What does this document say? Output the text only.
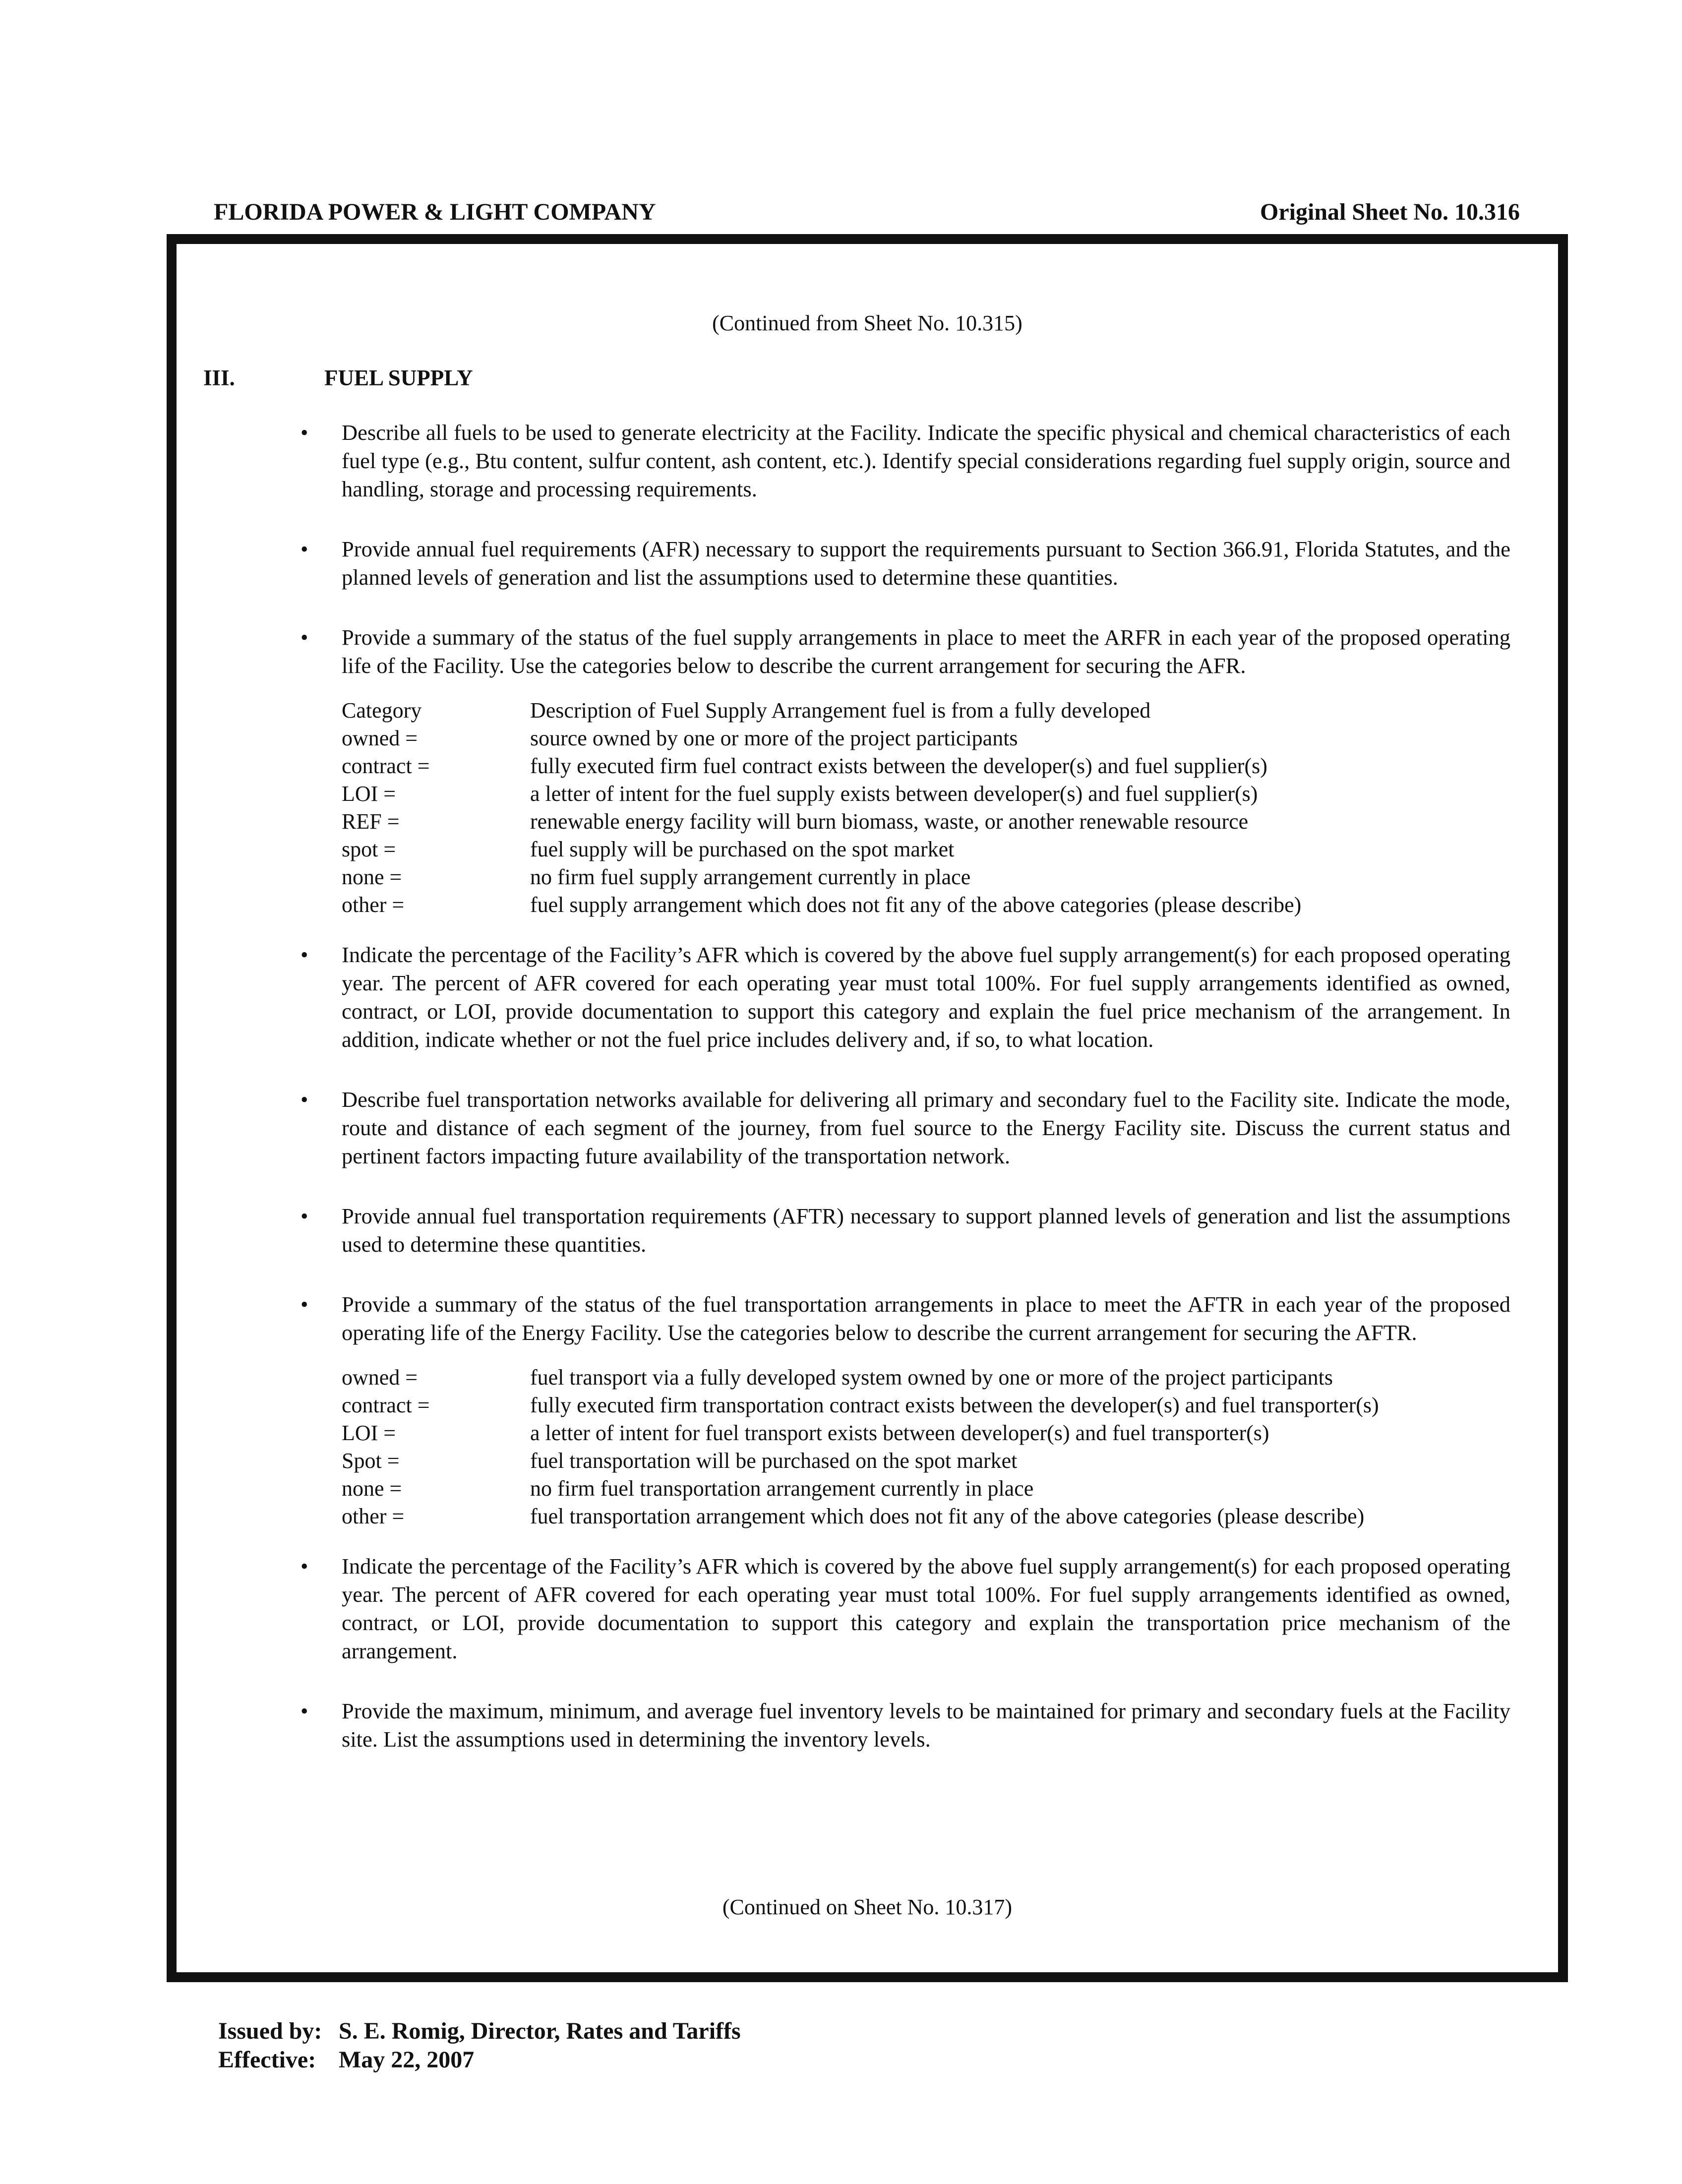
FLORIDA POWER & LIGHT COMPANY	Original Sheet No. 10.316
(Continued from Sheet No. 10.315)
III.	FUEL SUPPLY

• Describe all fuels to be used to generate electricity at the Facility. Indicate the specific physical and chemical characteristics of each fuel type (e.g., Btu content, sulfur content, ash content, etc.). Identify special considerations regarding fuel supply origin, source and handling, storage and processing requirements.

• Provide annual fuel requirements (AFR) necessary to support the requirements pursuant to Section 366.91, Florida Statutes, and the planned levels of generation and list the assumptions used to determine these quantities.

• Provide a summary of the status of the fuel supply arrangements in place to meet the ARFR in each year of the proposed operating life of the Facility. Use the categories below to describe the current arrangement for securing the AFR.

Category	Description of Fuel Supply Arrangement fuel is from a fully developed
owned =	source owned by one or more of the project participants
contract =	fully executed firm fuel contract exists between the developer(s) and fuel supplier(s)
LOI =	a letter of intent for the fuel supply exists between developer(s) and fuel supplier(s)
REF =	renewable energy facility will burn biomass, waste, or another renewable resource
spot =	fuel supply will be purchased on the spot market
none =	no firm fuel supply arrangement currently in place
other =	fuel supply arrangement which does not fit any of the above categories (please describe)

• Indicate the percentage of the Facility’s AFR which is covered by the above fuel supply arrangement(s) for each proposed operating year. The percent of AFR covered for each operating year must total 100%. For fuel supply arrangements identified as owned, contract, or LOI, provide documentation to support this category and explain the fuel price mechanism of the arrangement. In addition, indicate whether or not the fuel price includes delivery and, if so, to what location.

• Describe fuel transportation networks available for delivering all primary and secondary fuel to the Facility site. Indicate the mode, route and distance of each segment of the journey, from fuel source to the Energy Facility site. Discuss the current status and pertinent factors impacting future availability of the transportation network.

• Provide annual fuel transportation requirements (AFTR) necessary to support planned levels of generation and list the assumptions used to determine these quantities.

• Provide a summary of the status of the fuel transportation arrangements in place to meet the AFTR in each year of the proposed operating life of the Energy Facility. Use the categories below to describe the current arrangement for securing the AFTR.

owned =	fuel transport via a fully developed system owned by one or more of the project participants
contract =	fully executed firm transportation contract exists between the developer(s) and fuel transporter(s)
LOI =	a letter of intent for fuel transport exists between developer(s) and fuel transporter(s)
Spot =	fuel transportation will be purchased on the spot market
none =	no firm fuel transportation arrangement currently in place
other =	fuel transportation arrangement which does not fit any of the above categories (please describe)

• Indicate the percentage of the Facility’s AFR which is covered by the above fuel supply arrangement(s) for each proposed operating year. The percent of AFR covered for each operating year must total 100%. For fuel supply arrangements identified as owned, contract, or LOI, provide documentation to support this category and explain the transportation price mechanism of the arrangement.

• Provide the maximum, minimum, and average fuel inventory levels to be maintained for primary and secondary fuels at the Facility site. List the assumptions used in determining the inventory levels.

(Continued on Sheet No. 10.317)
Issued by: S. E. Romig, Director, Rates and Tariffs
Effective: May 22, 2007
